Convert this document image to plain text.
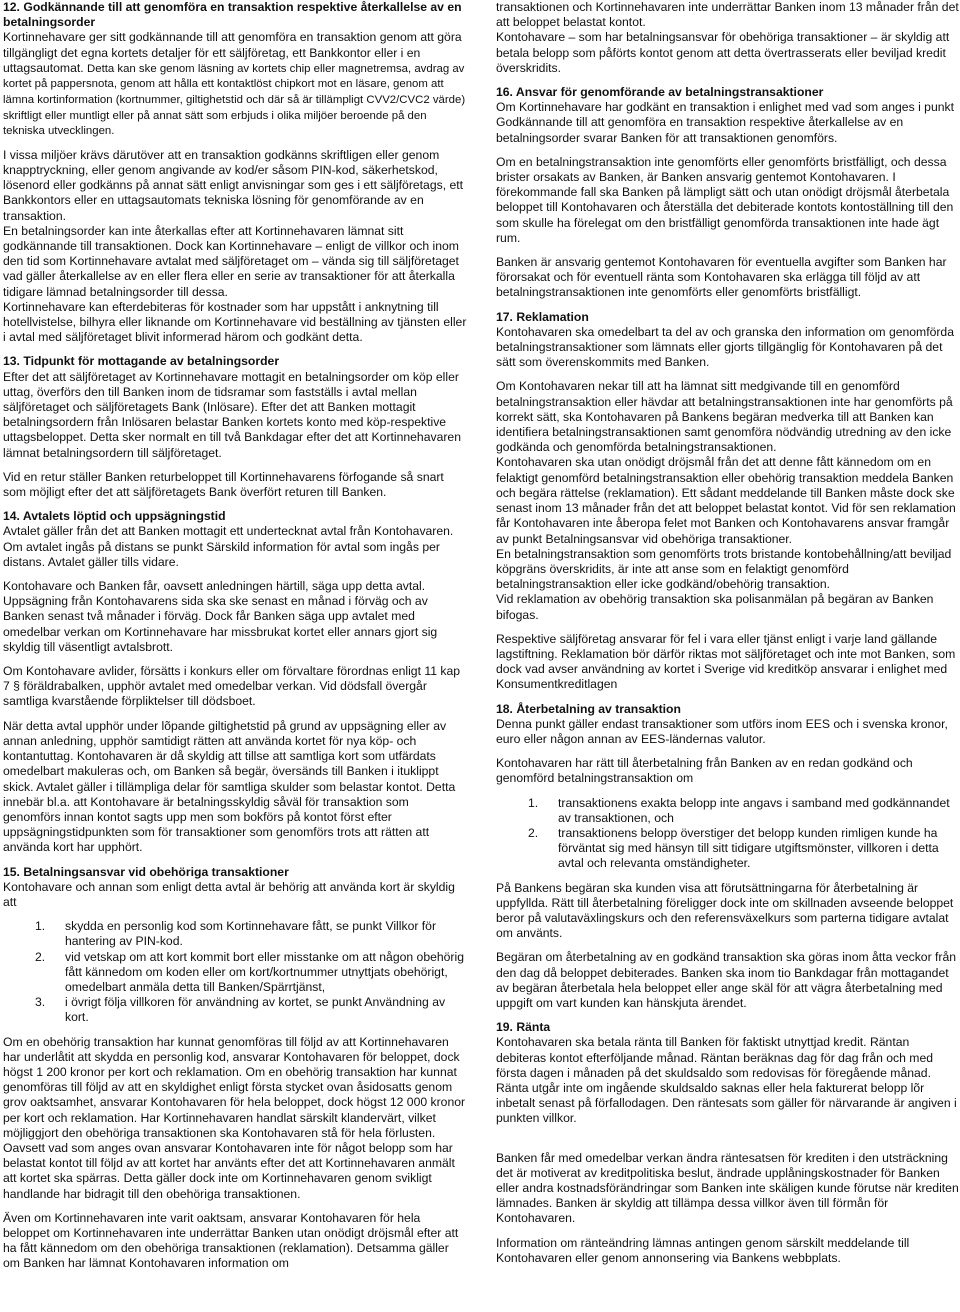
12. Godkännande till att genomföra en transaktion respektive återkallelse av en betalningsorder

Kortinnehavare ger sitt godkännande till att genomföra en transaktion genom att göra tillgängligt det egna kortets detaljer för ett säljföretag, ett Bankkontor eller i en uttagsautomat. Detta kan ske genom läsning av kortets chip eller magnetremsa, avdrag av kortet på pappersnota, genom att hålla ett kontaktlöst chipkort mot en läsare, genom att lämna kortinformation (kortnummer, giltighetstid och där så är tillämpligt CVV2/CVC2 värde) skriftligt eller muntligt eller på annat sätt som erbjuds i olika miljöer beroende på den tekniska utvecklingen.

I vissa miljöer krävs därutöver att en transaktion godkänns skriftligen eller genom knapptryckning, eller genom angivande av kod/er såsom PIN-kod, säkerhetskod, lösenord eller godkänns på annat sätt enligt anvisningar som ges i ett säljföretags, ett Bankkontors eller en uttagsautomats tekniska lösning för genomförande av en transaktion.

En betalningsorder kan inte återkallas efter att Kortinnehavaren lämnat sitt godkännande till transaktionen. Dock kan Kortinnehavare – enligt de villkor och inom den tid som Kortinnehavare avtalat med säljföretaget om – vända sig till säljföretaget vad gäller återkallelse av en eller flera eller en serie av transaktioner för att återkalla tidigare lämnad betalningsorder till dessa.

Kortinnehavare kan efterdebiteras för kostnader som har uppstått i anknytning till hotellvistelse, bilhyra eller liknande om Kortinnehavare vid beställning av tjänsten eller i avtal med säljföretaget blivit informerad härom och godkänt detta.

13. Tidpunkt för mottagande av betalningsorder

Efter det att säljföretaget av Kortinnehavare mottagit en betalningsorder om köp eller uttag, överförs den till Banken inom de tidsramar som fastställs i avtal mellan säljföretaget och säljföretagets Bank (Inlösare). Efter det att Banken mottagit betalningsordern från Inlösaren belastar Banken kortets konto med köp-respektive uttagsbeloppet. Detta sker normalt en till två Bankdagar efter det att Kortinnehavaren lämnat betalningsordern till säljföretaget.

Vid en retur ställer Banken returbeloppet till Kortinnehavarens förfogande så snart som möjligt efter det att säljföretagets Bank överfört returen till Banken.

14. Avtalets löptid och uppsägningstid

Avtalet gäller från det att Banken mottagit ett undertecknat avtal från Kontohavaren. Om avtalet ingås på distans se punkt Särskild information för avtal som ingås per distans. Avtalet gäller tills vidare.

Kontohavare och Banken får, oavsett anledningen härtill, säga upp detta avtal. Uppsägning från Kontohavarens sida ska ske senast en månad i förväg och av Banken senast två månader i förväg. Dock får Banken säga upp avtalet med omedelbar verkan om Kortinnehavare har missbrukat kortet eller annars gjort sig skyldig till väsentligt avtalsbrott.

Om Kontohavare avlider, försätts i konkurs eller om förvaltare förordnas enligt 11 kap 7 § föräldrabalken, upphör avtalet med omedelbar verkan. Vid dödsfall övergår samtliga kvarstående förpliktelser till dödsboet.

När detta avtal upphör under lõpande giltighetstid på grund av uppsägning eller av annan anledning, upphör samtidigt rätten att använda kortet för nya köp- och kontantuttag. Kontohavaren är då skyldig att tillse att samtliga kort som utfärdats omedelbart makuleras och, om Banken så begär, översänds till Banken i ituklippt skick. Avtalet gäller i tillämpliga delar för samtliga skulder som belastar kontot. Detta innebär bl.a. att Kontohavare är betalningsskyldig såväl för transaktion som genomförs innan kontot sagts upp men som bokförs på kontot först efter uppsägningstidpunkten som för transaktioner som genomförs trots att rätten att använda kort har upphört.

15. Betalningsansvar vid obehöriga transaktioner

Kontohavare och annan som enligt detta avtal är behörig att använda kort är skyldig att

1. skydda en personlig kod som Kortinnehavare fått, se punkt Villkor för hantering av PIN-kod.
2. vid vetskap om att kort kommit bort eller misstanke om att någon obehörig fått kännedom om koden eller om kort/kortnummer utnyttjats obehörigt, omedelbart anmäla detta till Banken/Spärrtjänst,
3. i övrigt följa villkoren för användning av kortet, se punkt Användning av kort.

Om en obehörig transaktion har kunnat genomföras till följd av att Kortinnehavaren har underlåtit att skydda en personlig kod, ansvarar Kontohavaren för beloppet, dock högst 1 200 kronor per kort och reklamation. Om en obehörig transaktion har kunnat genomföras till följd av att en skyldighet enligt första stycket ovan åsidosatts genom grov oaktsamhet, ansvarar Kontohavaren för hela beloppet, dock högst 12 000 kronor per kort och reklamation. Har Kortinnehavaren handlat särskilt klandervärt, vilket möjliggjort den obehöriga transaktionen ska Kontohavaren stå för hela förlusten. Oavsett vad som anges ovan ansvarar Kontohavaren inte för något belopp som har belastat kontot till följd av att kortet har använts efter det att Kortinnehavaren anmält att kortet ska spärras. Detta gäller dock inte om Kortinnehavaren genom svikligt handlande har bidragit till den obehöriga transaktionen.

Även om Kortinnehavaren inte varit oaktsam, ansvarar Kontohavaren för hela beloppet om Kortinnehavaren inte underrättar Banken utan onödigt dröjsmål efter att ha fått kännedom om den obehöriga transaktionen (reklamation). Detsamma gäller om Banken har lämnat Kontohavaren information om

transaktionen och Kortinnehavaren inte underrättar Banken inom 13 månader från det att beloppet belastat kontot.

Kontohavare – som har betalningsansvar för obehöriga transaktioner – är skyldig att betala belopp som påförts kontot genom att detta övertrasserats eller beviljad kredit överskridits.

16. Ansvar för genomförande av betalningstransaktioner

Om Kortinnehavare har godkänt en transaktion i enlighet med vad som anges i punkt Godkännande till att genomföra en transaktion respektive återkallelse av en betalningsorder svarar Banken för att transaktionen genomförs.

Om en betalningstransaktion inte genomförts eller genomförts bristfälligt, och dessa brister orsakats av Banken, är Banken ansvarig gentemot Kontohavaren. I förekommande fall ska Banken på lämpligt sätt och utan onödigt dröjsmål återbetala beloppet till Kontohavaren och återställa det debiterade kontots kontoställning till den som skulle ha förelegat om den bristfälligt genomförda transaktionen inte hade ägt rum.

Banken är ansvarig gentemot Kontohavaren för eventuella avgifter som Banken har förorsakat och för eventuell ränta som Kontohavaren ska erlägga till följd av att betalningstransaktionen inte genomförts eller genomförts bristfälligt.

17. Reklamation

Kontohavaren ska omedelbart ta del av och granska den information om genomförda betalningstransaktioner som lämnats eller gjorts tillgänglig för Kontohavaren på det sätt som överenskommits med Banken.

Om Kontohavaren nekar till att ha lämnat sitt medgivande till en genomförd betalningstransaktion eller hävdar att betalningstransaktionen inte har genomförts på korrekt sätt, ska Kontohavaren på Bankens begäran medverka till att Banken kan identifiera betalningstransaktionen samt genomföra nödvändig utredning av den icke godkända och genomförda betalningstransaktionen.

Kontohavaren ska utan onödigt dröjsmål från det att denne fått kännedom om en felaktigt genomförd betalningstransaktion eller obehörig transaktion meddela Banken och begära rättelse (reklamation). Ett sådant meddelande till Banken måste dock ske senast inom 13 månader från det att beloppet belastat kontot. Vid för sen reklamation får Kontohavaren inte åberopa felet mot Banken och Kontohavarens ansvar framgår av punkt Betalningsansvar vid obehöriga transaktioner.

En betalningstransaktion som genomförts trots bristande kontobehållning/att beviljad köpgräns överskridits, är inte att anse som en felaktigt genomförd betalningstransaktion eller icke godkänd/obehörig transaktion.

Vid reklamation av obehörig transaktion ska polisanmälan på begäran av Banken bifogas.

Respektive säljföretag ansvarar för fel i vara eller tjänst enligt i varje land gällande lagstiftning. Reklamation bör därför riktas mot säljföretaget och inte mot Banken, som dock vad avser användning av kortet i Sverige vid kreditköp ansvarar i enlighet med Konsumentkreditlagen

18. Återbetalning av transaktion

Denna punkt gäller endast transaktioner som utförs inom EES och i svenska kronor, euro eller någon annan av EES-ländernas valutor.

Kontohavaren har rätt till återbetalning från Banken av en redan godkänd och genomförd betalningstransaktion om

1. transaktionens exakta belopp inte angavs i samband med godkännandet av transaktionen, och
2. transaktionens belopp överstiger det belopp kunden rimligen kunde ha förväntat sig med hänsyn till sitt tidigare utgiftsmönster, villkoren i detta avtal och relevanta omständigheter.

På Bankens begäran ska kunden visa att förutsättningarna för återbetalning är uppfyllda. Rätt till återbetalning föreligger dock inte om skillnaden avseende beloppet beror på valutaväxlingskurs och den referensväxelkurs som parterna tidigare avtalat om använts.

Begäran om återbetalning av en godkänd transaktion ska göras inom åtta veckor från den dag då beloppet debiterades. Banken ska inom tio Bankdagar från mottagandet av begäran återbetala hela beloppet eller ange skäl för att vägra återbetalning med uppgift om vart kunden kan hänskjuta ärendet.

19. Ränta

Kontohavaren ska betala ränta till Banken för faktiskt utnyttjad kredit. Räntan debiteras kontot efterföljande månad. Räntan beräknas dag för dag från och med första dagen i månaden på det skuldsaldo som redovisas för föregående månad. Ränta utgår inte om ingående skuldsaldo saknas eller hela fakturerat belopp lõr inbetalt senast på förfallodagen. Den räntesats som gäller för närvarande är angiven i punkten villkor.

Banken får med omedelbar verkan ändra räntesatsen för krediten i den utsträckning det är motiverat av kreditpolitiska beslut, ändrade upplåningskostnader för Banken eller andra kostnadsförändringar som Banken inte skäligen kunde förutse när krediten lämnades. Banken är skyldig att tillämpa dessa villkor även till förmån för Kontohavaren.

Information om ränteändring lämnas antingen genom särskilt meddelande till Kontohavaren eller genom annonsering via Bankens webbplats.
